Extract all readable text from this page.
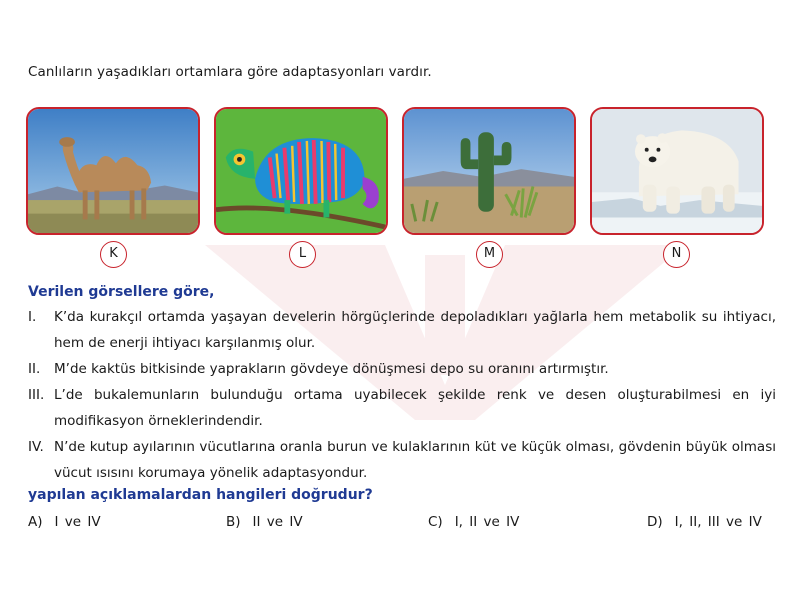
Canlıların yaşadıkları ortamlara göre adaptasyonları vardır.
K	L	M	N
Verilen görsellere göre,
I. K’da kurakçıl ortamda yaşayan develerin hörgüçlerinde depoladıkları yağlarla hem metabolik su ihtiyacı, hem de enerji ihtiyacı karşılanmış olur.
II. M’de kaktüs bitkisinde yaprakların gövdeye dönüşmesi depo su oranını artırmıştır.
III. L’de bukalemunların bulunduğu ortama uyabilecek şekilde renk ve desen oluşturabilmesi en iyi modifikasyon örneklerindendir.
IV. N’de kutup ayılarının vücutlarına oranla burun ve kulaklarının küt ve küçük olması, gövdenin büyük olması vücut ısısını korumaya yönelik adaptasyondur.
yapılan açıklamalardan hangileri doğrudur?
A) I ve IV	B) II ve IV	C) I, II ve IV	D) I, II, III ve IV
